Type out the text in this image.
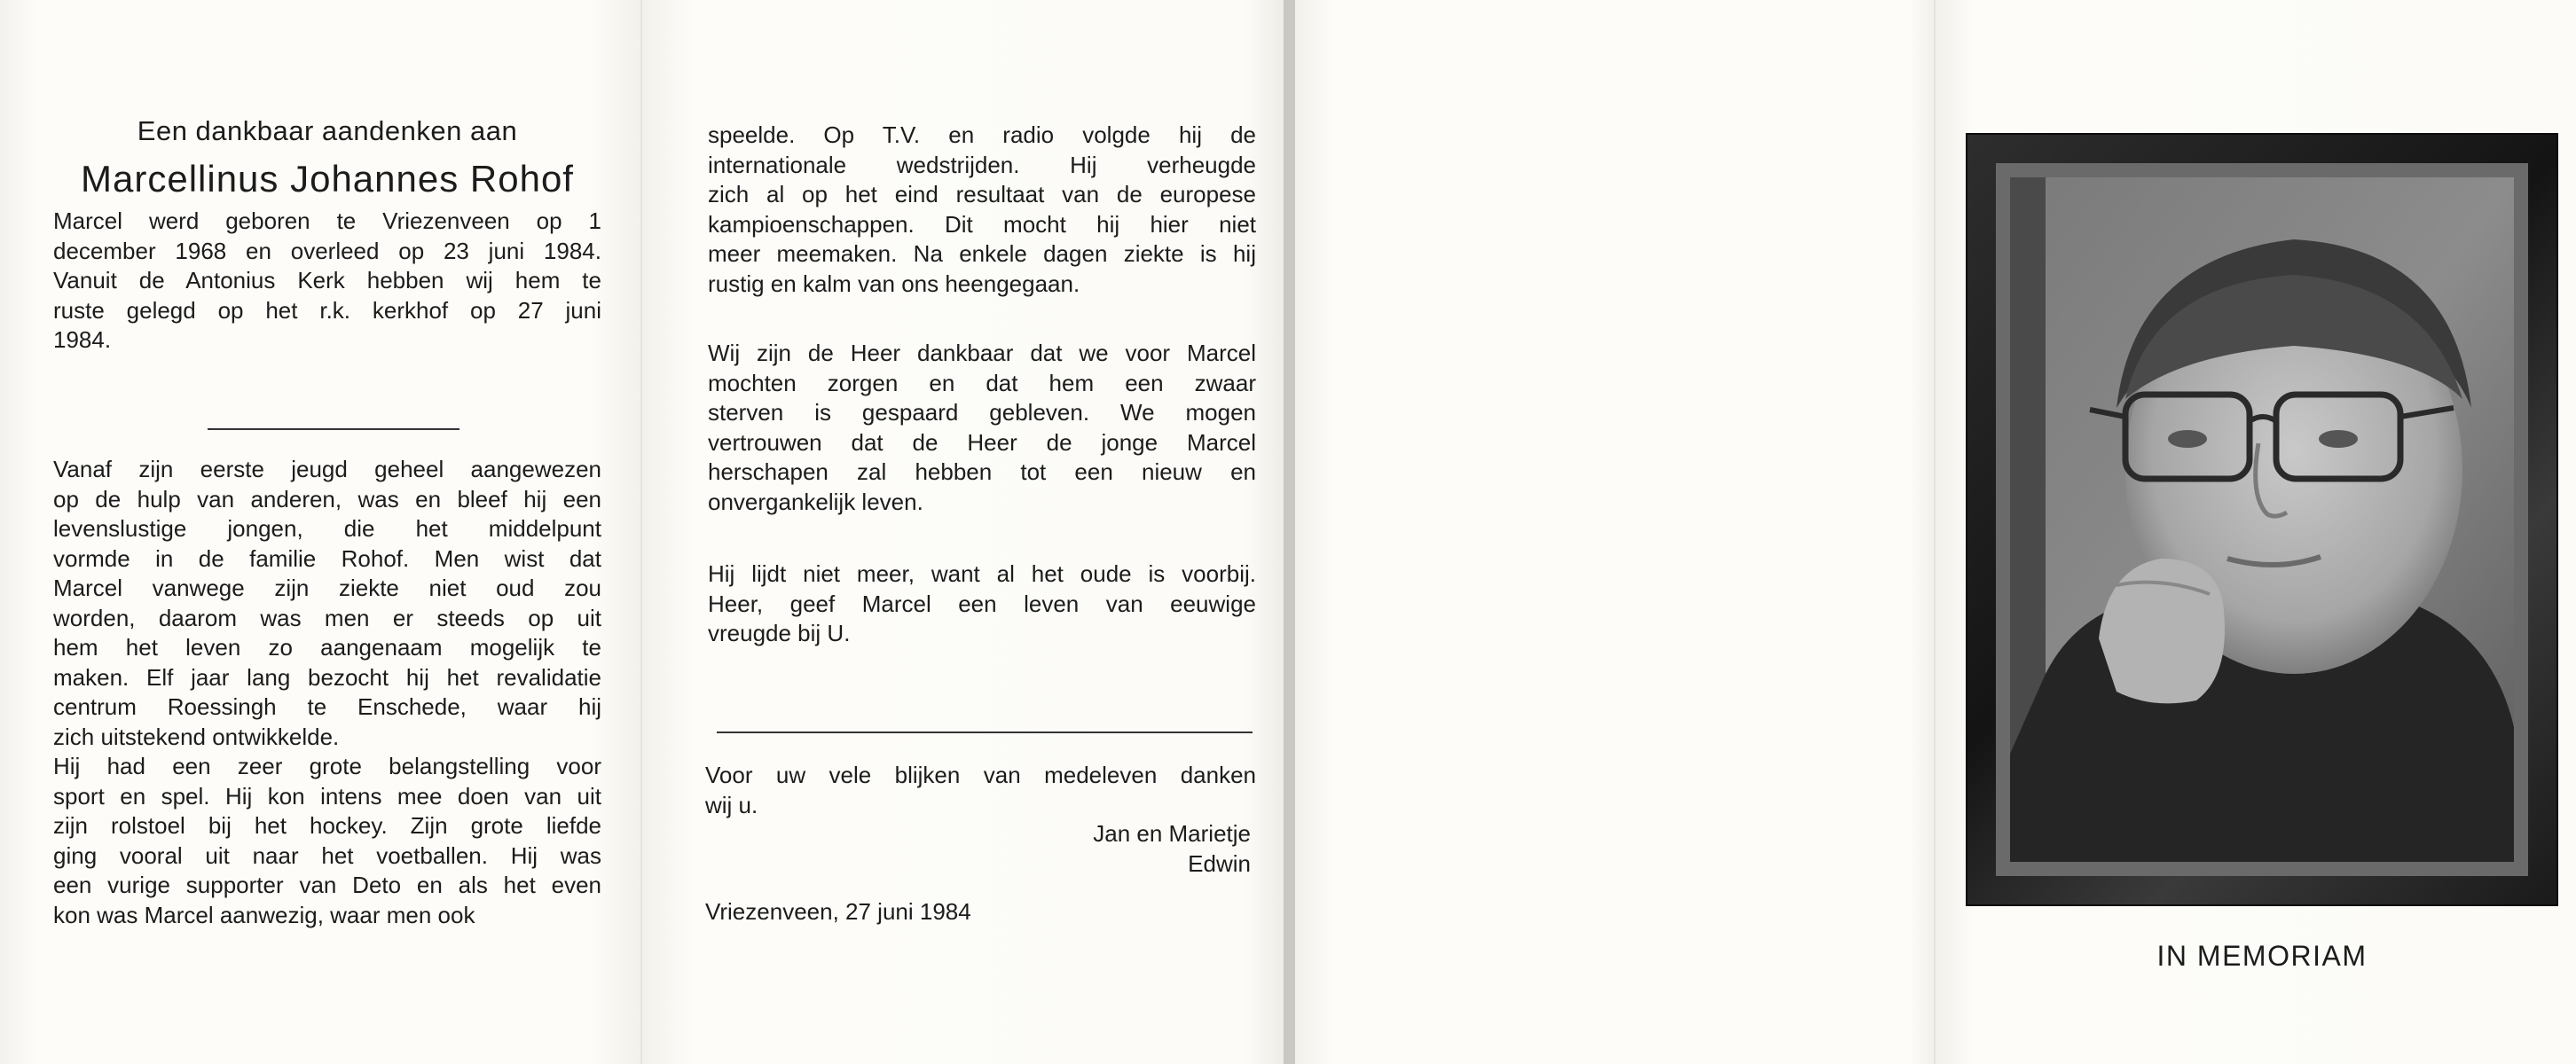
Een dankbaar aandenken aan
Marcellinus Johannes Rohof

Marcel werd geboren te Vriezenveen op 1
december 1968 en overleed op 23 juni 1984.
Vanuit de Antonius Kerk hebben wij hem te
ruste gelegd op het r.k. kerkhof op 27 juni
1984.

Vanaf zijn eerste jeugd geheel aangewezen
op de hulp van anderen, was en bleef hij een
levenslustige jongen, die het middelpunt
vormde in de familie Rohof. Men wist dat
Marcel vanwege zijn ziekte niet oud zou
worden, daarom was men er steeds op uit
hem het leven zo aangenaam mogelijk te
maken. Elf jaar lang bezocht hij het revalidatie
centrum Roessingh te Enschede, waar hij
zich uitstekend ontwikkelde.
Hij had een zeer grote belangstelling voor
sport en spel. Hij kon intens mee doen van uit
zijn rolstoel bij het hockey. Zijn grote liefde
ging vooral uit naar het voetballen. Hij was
een vurige supporter van Deto en als het even
kon was Marcel aanwezig, waar men ook

speelde. Op T.V. en radio volgde hij de
internationale wedstrijden. Hij verheugde
zich al op het eind resultaat van de europese
kampioenschappen. Dit mocht hij hier niet
meer meemaken. Na enkele dagen ziekte is hij
rustig en kalm van ons heengegaan.

Wij zijn de Heer dankbaar dat we voor Marcel
mochten zorgen en dat hem een zwaar
sterven is gespaard gebleven. We mogen
vertrouwen dat de Heer de jonge Marcel
herschapen zal hebben tot een nieuw en
onvergankelijk leven.

Hij lijdt niet meer, want al het oude is voorbij.
Heer, geef Marcel een leven van eeuwige
vreugde bij U.

Voor uw vele blijken van medeleven danken
wij u.

Jan en Marietje
Edwin
Vriezenveen, 27 juni 1984
IN MEMORIAM
